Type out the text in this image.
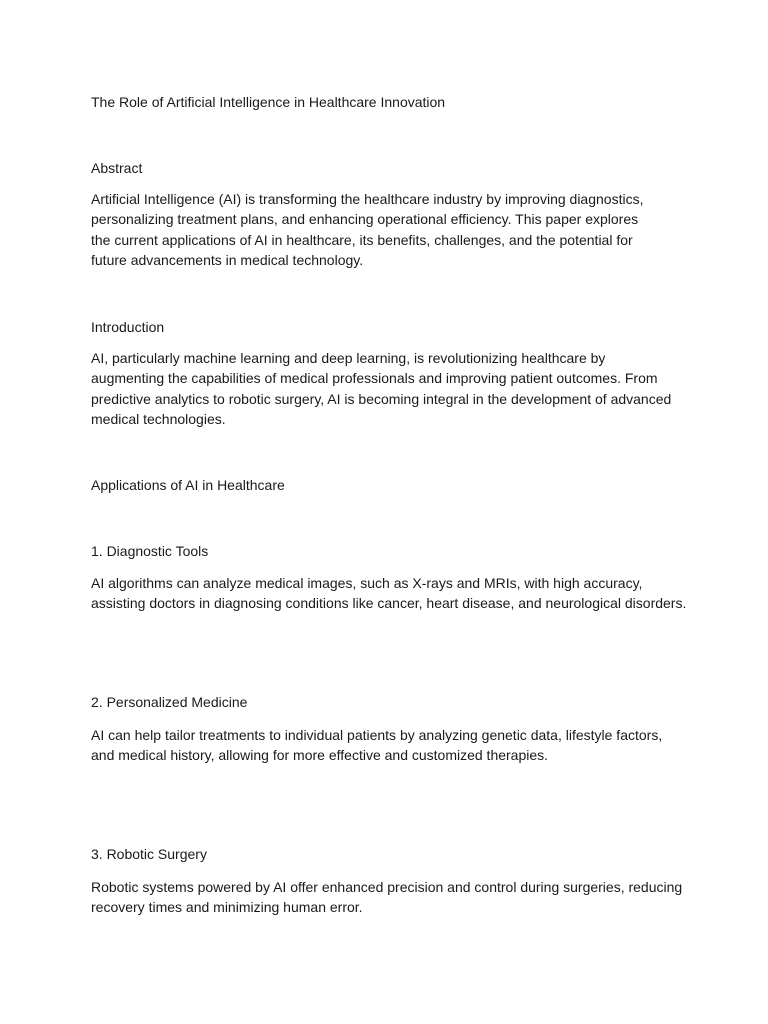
The Role of Artificial Intelligence in Healthcare Innovation

Abstract

Artificial Intelligence (AI) is transforming the healthcare industry by improving diagnostics, personalizing treatment plans, and enhancing operational efficiency. This paper explores the current applications of AI in healthcare, its benefits, challenges, and the potential for future advancements in medical technology.

Introduction

AI, particularly machine learning and deep learning, is revolutionizing healthcare by augmenting the capabilities of medical professionals and improving patient outcomes. From predictive analytics to robotic surgery, AI is becoming integral in the development of advanced medical technologies.

Applications of AI in Healthcare

1. Diagnostic Tools

AI algorithms can analyze medical images, such as X-rays and MRIs, with high accuracy, assisting doctors in diagnosing conditions like cancer, heart disease, and neurological disorders.

2. Personalized Medicine

AI can help tailor treatments to individual patients by analyzing genetic data, lifestyle factors, and medical history, allowing for more effective and customized therapies.

3. Robotic Surgery

Robotic systems powered by AI offer enhanced precision and control during surgeries, reducing recovery times and minimizing human error.
